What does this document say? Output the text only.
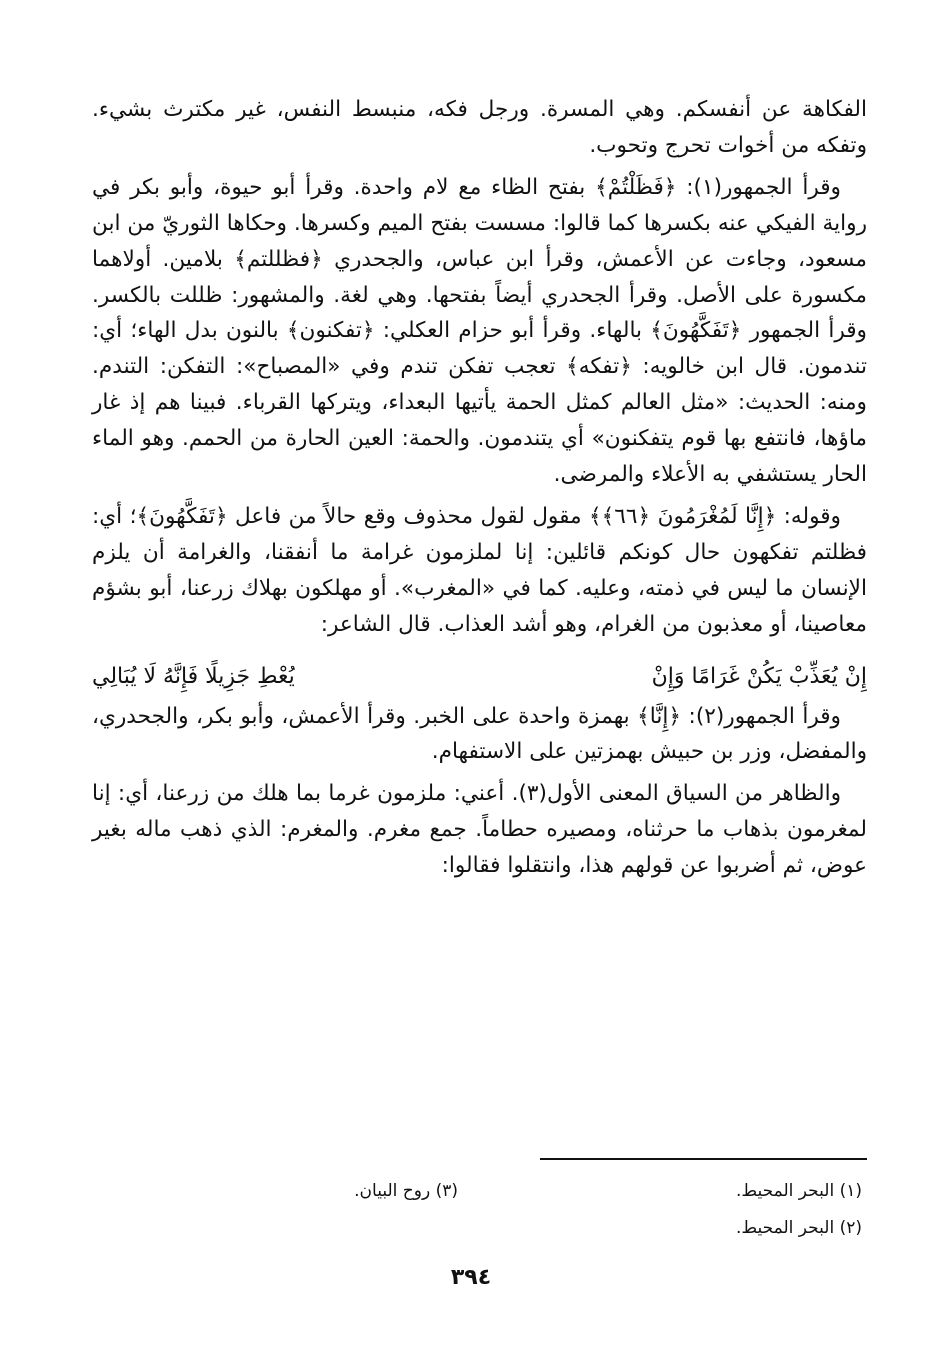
الفكاهة عن أنفسكم. وهي المسرة. ورجل فكه، منبسط النفس، غير مكترث بشيء. وتفكه من أخوات تحرج وتحوب.

وقرأ الجمهور(١): ﴿فَظَلْتُمْ﴾ بفتح الظاء مع لام واحدة. وقرأ أبو حيوة، وأبو بكر في رواية الفيكي عنه بكسرها كما قالوا: مسست بفتح الميم وكسرها. وحكاها الثوريّ من ابن مسعود، وجاءت عن الأعمش، وقرأ ابن عباس، والجحدري ﴿فظللتم﴾ بلامين. أولاهما مكسورة على الأصل. وقرأ الجحدري أيضاً بفتحها. وهي لغة. والمشهور: ظللت بالكسر. وقرأ الجمهور ﴿تَفَكَّهُونَ﴾ بالهاء. وقرأ أبو حزام العكلي: ﴿تفكنون﴾ بالنون بدل الهاء؛ أي: تندمون. قال ابن خالويه: ﴿تفكه﴾ تعجب تفكن تندم وفي «المصباح»: التفكن: التندم. ومنه: الحديث: «مثل العالم كمثل الحمة يأتيها البعداء، ويتركها القرباء. فبينا هم إذ غار ماؤها، فانتفع بها قوم يتفكنون» أي يتندمون. والحمة: العين الحارة من الحمم. وهو الماء الحار يستشفي به الأعلاء والمرضى.

وقوله: ﴿إِنَّا لَمُغْرَمُونَ ﴿٦٦﴾﴾ مقول لقول محذوف وقع حالاً من فاعل ﴿تَفَكَّهُونَ﴾؛ أي: فظلتم تفكهون حال كونكم قائلين: إنا لملزمون غرامة ما أنفقنا، والغرامة أن يلزم الإنسان ما ليس في ذمته، وعليه. كما في «المغرب». أو مهلكون بهلاك زرعنا، أبو بشؤم معاصينا، أو معذبون من الغرام، وهو أشد العذاب. قال الشاعر:

إِنْ يُعَذِّبْ يَكُنْ غَرَامًا وَإِنْ
يُعْطِ جَزِيلًا فَإِنَّهُ لَا يُبَالِي

وقرأ الجمهور(٢): ﴿إِنَّا﴾ بهمزة واحدة على الخبر. وقرأ الأعمش، وأبو بكر، والجحدري، والمفضل، وزر بن حبيش بهمزتين على الاستفهام.

والظاهر من السياق المعنى الأول(٣). أعني: ملزمون غرما بما هلك من زرعنا، أي: إنا لمغرمون بذهاب ما حرثناه، ومصيره حطاماً. جمع مغرم. والمغرم: الذي ذهب ماله بغير عوض، ثم أضربوا عن قولهم هذا، وانتقلوا فقالوا:

(١) البحر المحيط.
(٢) البحر المحيط.
(٣) روح البيان.
٣٩٤
